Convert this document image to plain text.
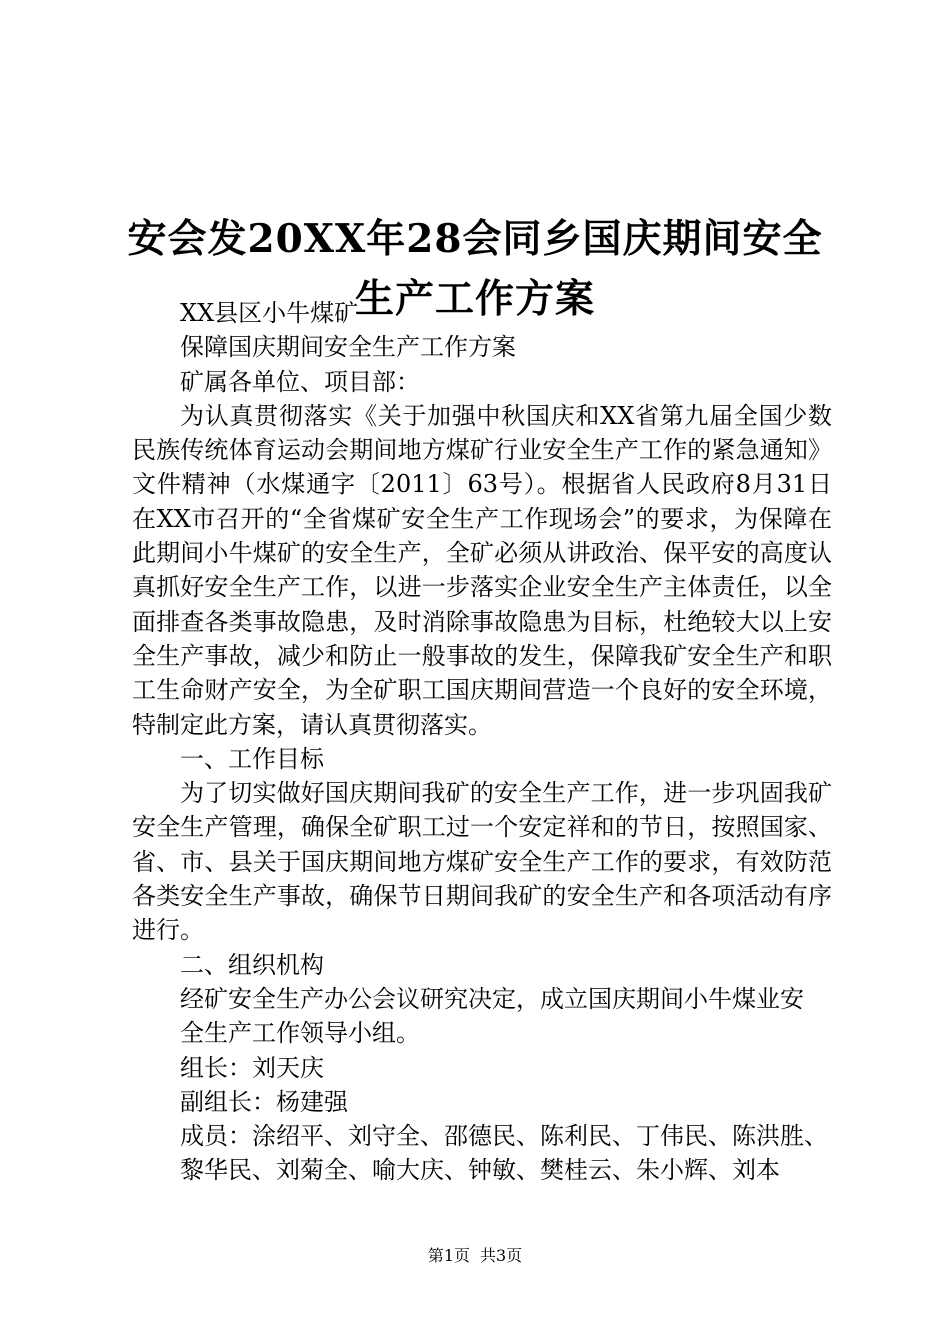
安会发20XX年28会同乡国庆期间安全生产工作方案

XX县区小牛煤矿

保障国庆期间安全生产工作方案

矿属各单位、项目部：

为认真贯彻落实《关于加强中秋国庆和XX省第九届全国少数民族传统体育运动会期间地方煤矿行业安全生产工作的紧急通知》文件精神（水煤通字〔2011〕63号）。根据省人民政府8月31日在XX市召开的“全省煤矿安全生产工作现场会”的要求，为保障在此期间小牛煤矿的安全生产，全矿必须从讲政治、保平安的高度认真抓好安全生产工作，以进一步落实企业安全生产主体责任，以全面排查各类事故隐患，及时消除事故隐患为目标，杜绝较大以上安全生产事故，减少和防止一般事故的发生，保障我矿安全生产和职工生命财产安全，为全矿职工国庆期间营造一个良好的安全环境，特制定此方案，请认真贯彻落实。

一、工作目标

为了切实做好国庆期间我矿的安全生产工作，进一步巩固我矿安全生产管理，确保全矿职工过一个安定祥和的节日，按照国家、省、市、县关于国庆期间地方煤矿安全生产工作的要求，有效防范各类安全生产事故，确保节日期间我矿的安全生产和各项活动有序进行。

二、组织机构

经矿安全生产办公会议研究决定，成立国庆期间小牛煤业安

全生产工作领导小组。

组长：刘天庆

副组长：杨建强

成员：涂绍平、刘守全、邵德民、陈利民、丁伟民、陈洪胜、

黎华民、刘菊全、喻大庆、钟敏、樊桂云、朱小辉、刘本

第1页 共3页
